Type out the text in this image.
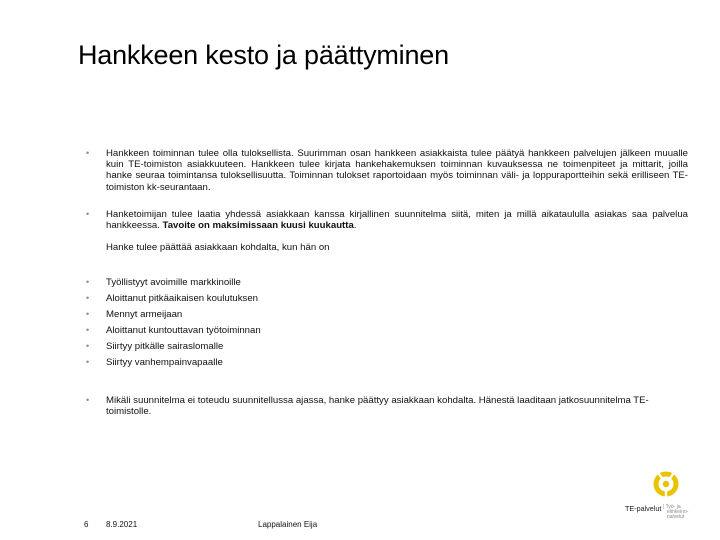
Hankkeen kesto ja päättyminen
• Hankkeen toiminnan tulee olla tuloksellista. Suurimman osan hankkeen asiakkaista tulee päätyä hankkeen palvelujen jälkeen muualle kuin TE-toimiston asiakkuuteen. Hankkeen tulee kirjata hankehakemuksen toiminnan kuvauksessa ne toimenpiteet ja mittarit, joilla hanke seuraa toimintansa tuloksellisuutta. Toiminnan tulokset raportoidaan myös toiminnan väli- ja loppuraportteihin sekä erilliseen TE-toimiston kk-seurantaan.
• Hanketoimijan tulee laatia yhdessä asiakkaan kanssa kirjallinen suunnitelma siitä, miten ja millä aikataululla asiakas saa palvelua hankkeessa. Tavoite on maksimissaan kuusi kuukautta.
Hanke tulee päättää asiakkaan kohdalta, kun hän on
• Työllistyyt avoimille markkinoille
• Aloittanut pitkäaikaisen koulutuksen
• Mennyt armeijaan
• Aloittanut kuntouttavan työtoiminnan
• Siirtyy pitkälle sairaslomalle
• Siirtyy vanhempainvapaalle
• Mikäli suunnitelma ei toteudu suunnitellussa ajassa, hanke päättyy asiakkaan kohdalta. Hänestä laaditaan jatkosuunnitelma TE-toimistolle.
6 8.9.2021	Lappalainen Eija
TE-palvelut | Työ- ja
elinkeino-
palvelut
